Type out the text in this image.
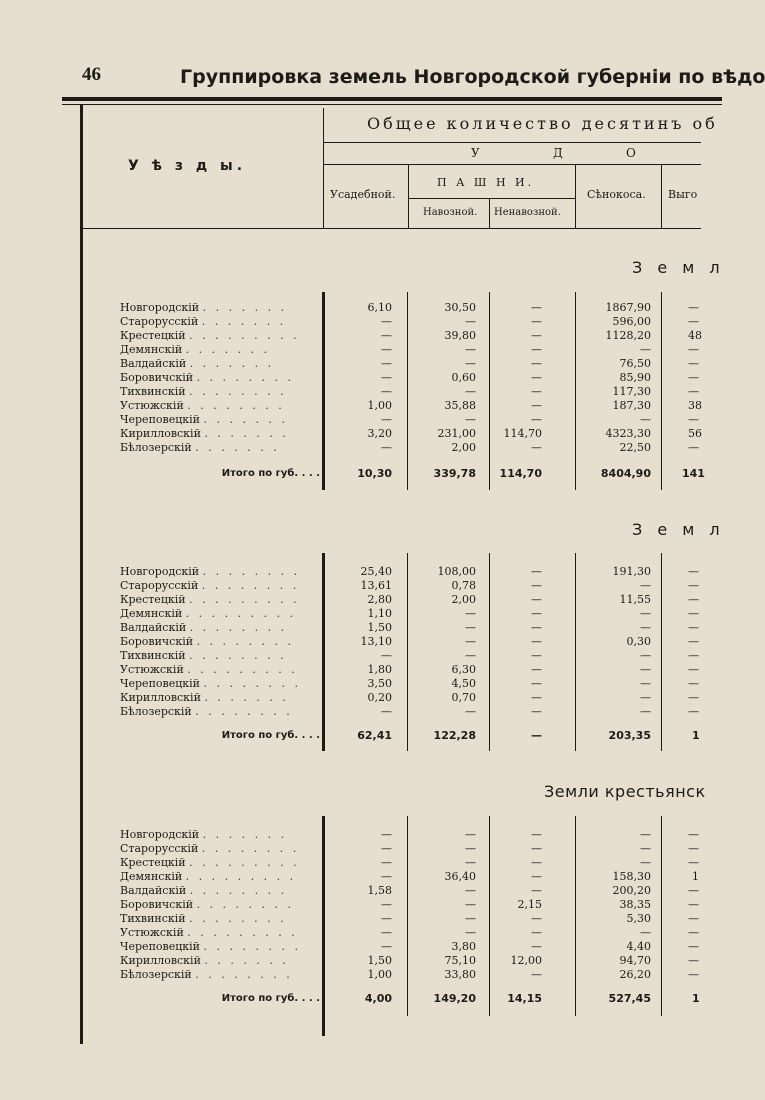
46	Группировка земель Новгородской губерніи по вѣдо
У ѣ з д ы.
Общее количество десятинъ об
У	Д	О
Усадебной.
П А Ш Н И.
Навозной. Ненавозной.
Сѣнокоса. Выго
З е м л
З е м л
Земли крестьянск
Новгородскій . . . . . . .	6,10	30,50	—	1867,90	—
Старорусскій . . . . . . .	—	—	—	596,00	—
Крестецкій . . . . . . . . .	—	39,80	—	1128,20	48
Демянскій . . . . . . .	—	—	—	—	—
Валдайскій . . . . . . .	—	—	—	76,50	—
Боровичскій . . . . . . . .	—	0,60	—	85,90	—
Тихвинскій . . . . . . . .	—	—	—	117,30	—
Устюжскій . . . . . . . .	1,00	35,88	—	187,30	38
Череповецкій . . . . . . .	—	—	—	—	—
Кирилловскій . . . . . . .	3,20	231,00	114,70	4323,30	56
Бѣлозерскій . . . . . . .	—	2,00	—	22,50	—
Итого по губ. . . .	10,30	339,78 114,70	8404,90	141
Новгородскій . . . . . . . .	25,40	108,00	—	191,30	—
Старорусскій . . . . . . . .	13,61	0,78	—	—	—
Крестецкій . . . . . . . . .	2,80	2,00	—	11,55	—
Демянскій . . . . . . . . .	1,10	—	—	—	—
Валдайскій . . . . . . . .	1,50	—	—	—	—
Боровичскій . . . . . . . .	13,10	—	—	0,30	—
Тихвинскій . . . . . . . .	—	—	—	—	—
Устюжскій . . . . . . . . .	1,80	6,30	—	—	—
Череповецкій . . . . . . . .	3,50	4,50	—	—	—
Кирилловскій . . . . . . .	0,20	0,70	—	—	—
Бѣлозерскій . . . . . . . .	—	—	—	—	—
Итого по губ. . . .	62,41	122,28	—	203,35	1
Новгородскій . . . . . . .	—	—	—	—	—
Старорусскій . . . . . . . .	—	—	—	—	—
Крестецкій . . . . . . . . .	—	—	—	—	—
Демянскій . . . . . . . . .	—	36,40	—	158,30	1
Валдайскій . . . . . . . .	1,58	—	—	200,20	—
Боровичскій . . . . . . . .	—	—	2,15	38,35	—
Тихвинскій . . . . . . . .	—	—	—	5,30	—
Устюжскій . . . . . . . . .	—	—	—	—	—
Череповецкій . . . . . . . .	—	3,80	—	4,40	—
Кирилловскій . . . . . . .	1,50	75,10	12,00	94,70	—
Бѣлозерскій . . . . . . . .	1,00	33,80	—	26,20	—
Итого по губ. . . .	4,00	149,20	14,15	527,45	1
